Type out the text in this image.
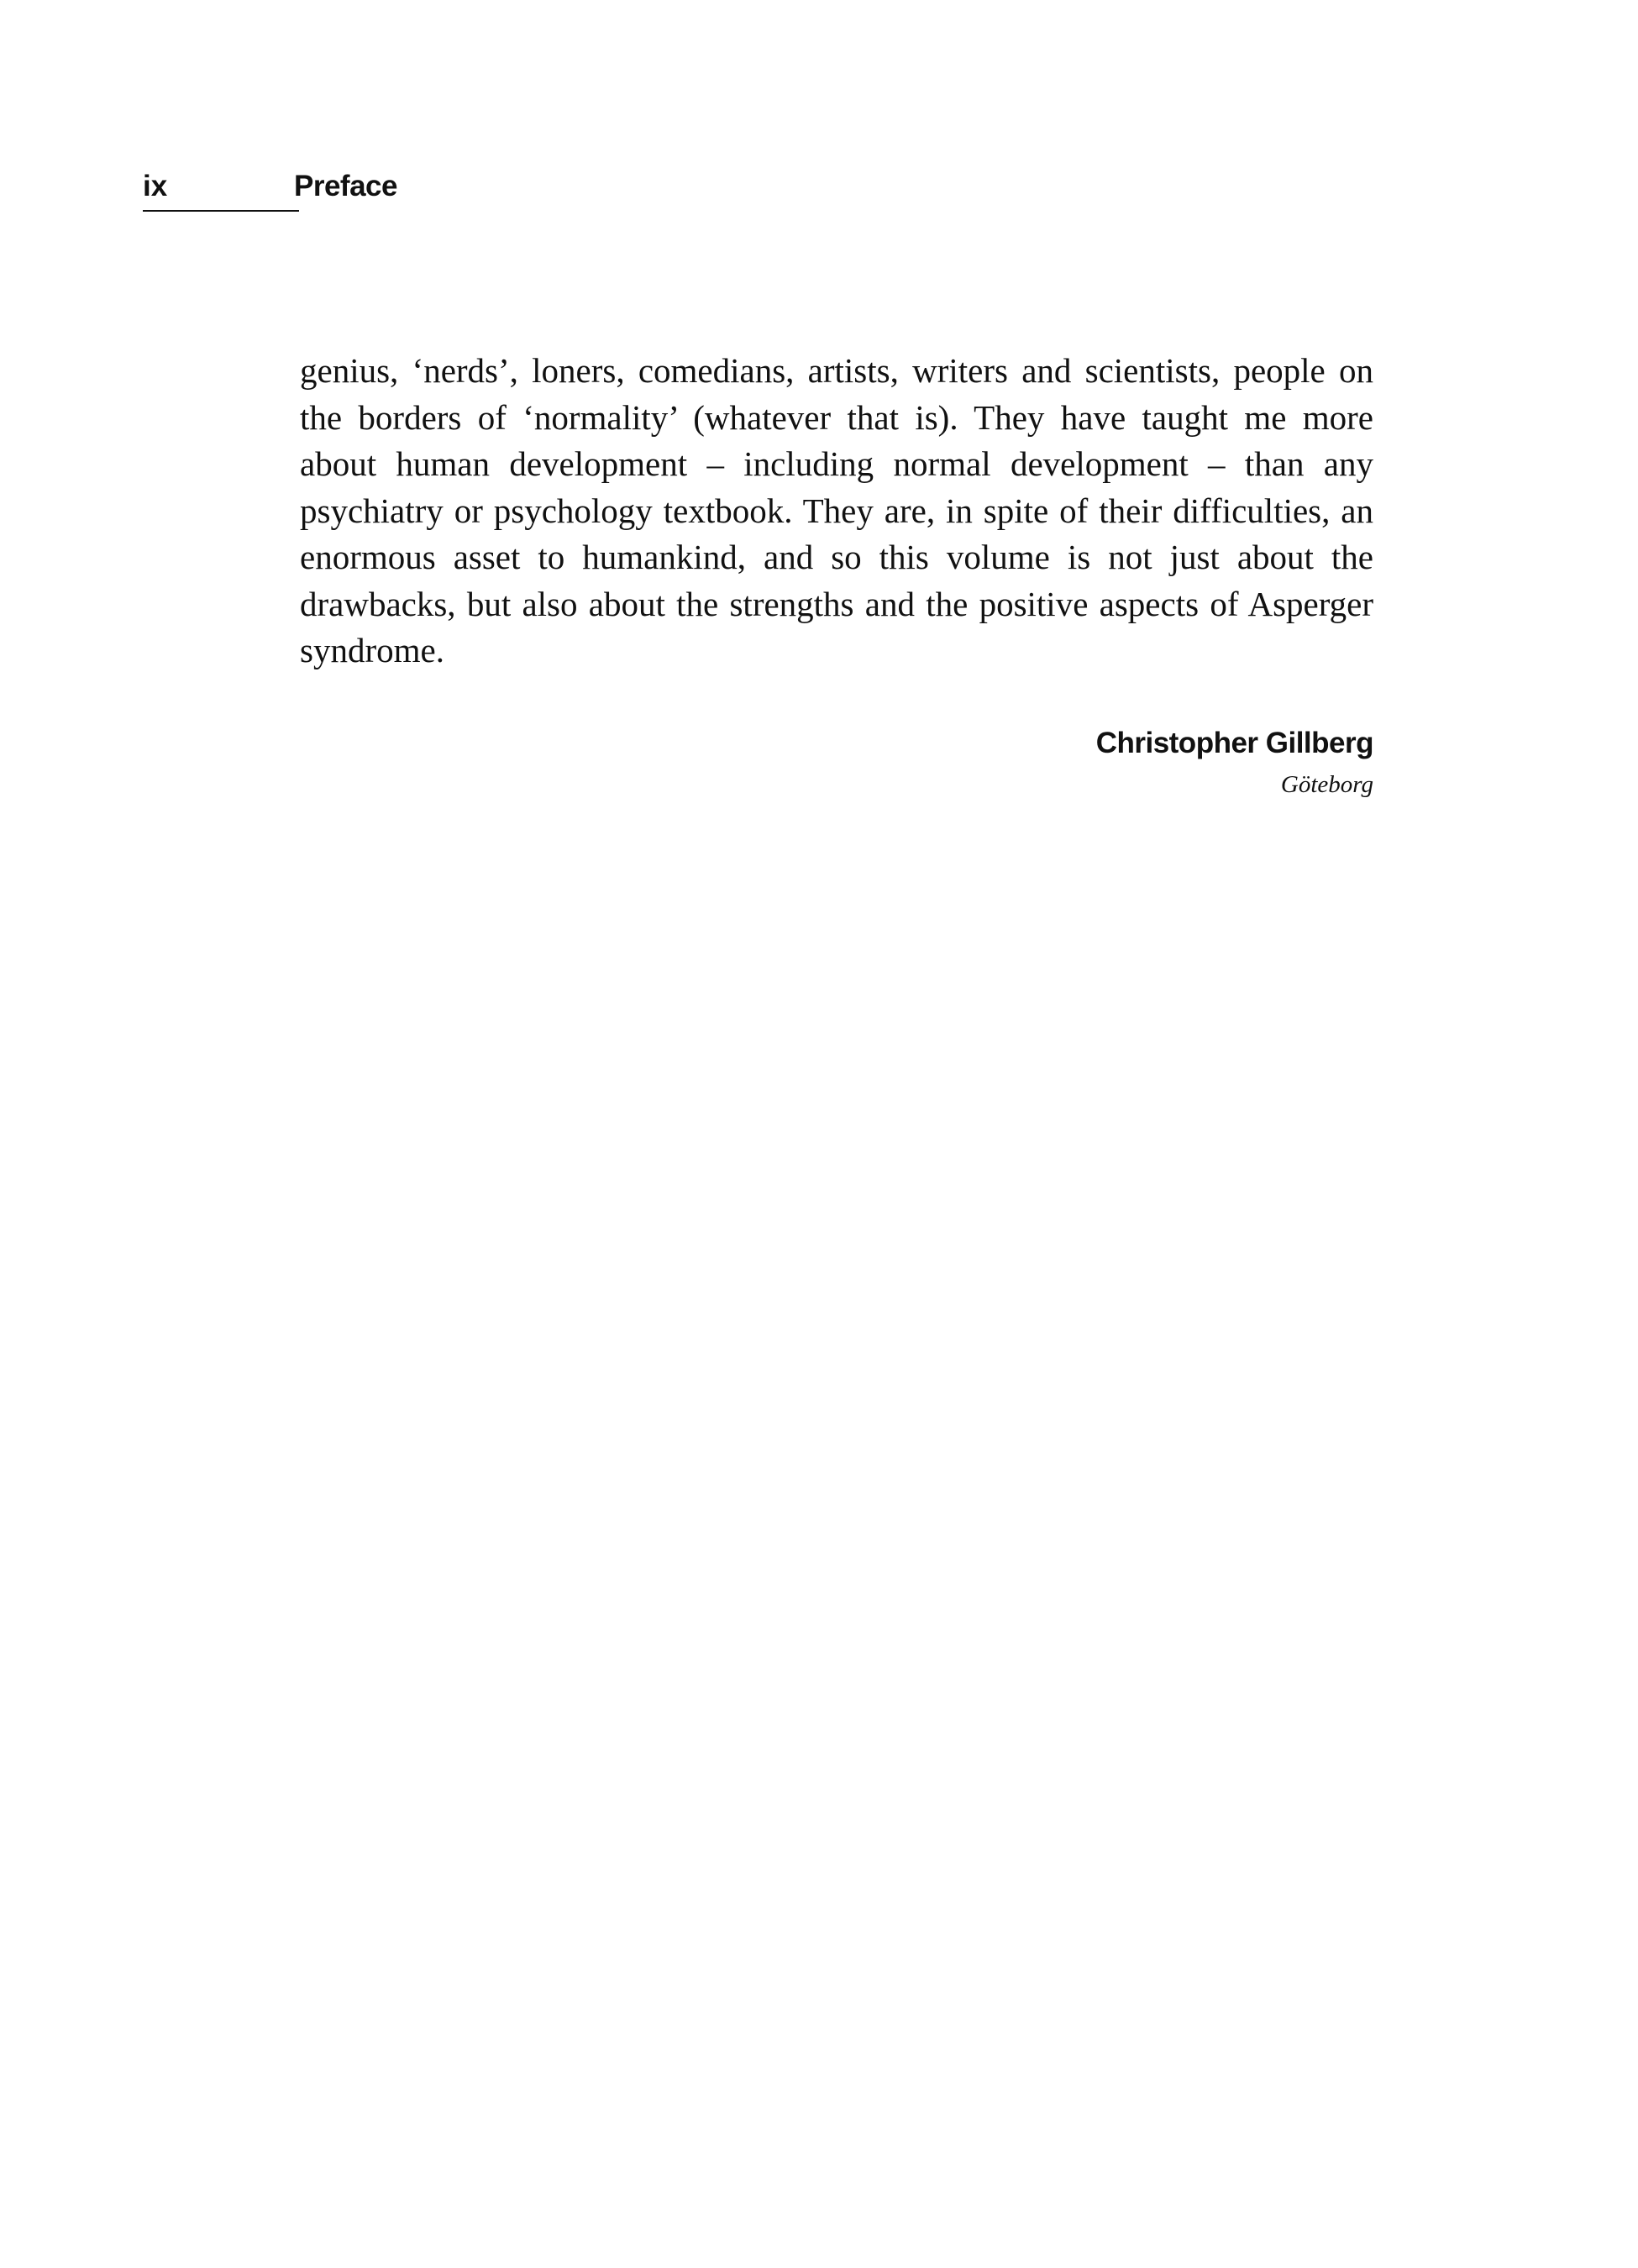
ix	Preface

genius, ‘nerds’, loners, comedians, artists, writers and scientists, people on the borders of ‘normality’ (whatever that is). They have taught me more about human development – including normal development – than any psychiatry or psychology textbook. They are, in spite of their difficulties, an enormous asset to humankind, and so this volume is not just about the drawbacks, but also about the strengths and the positive aspects of Asperger syndrome.

Christopher Gillberg
Göteborg
